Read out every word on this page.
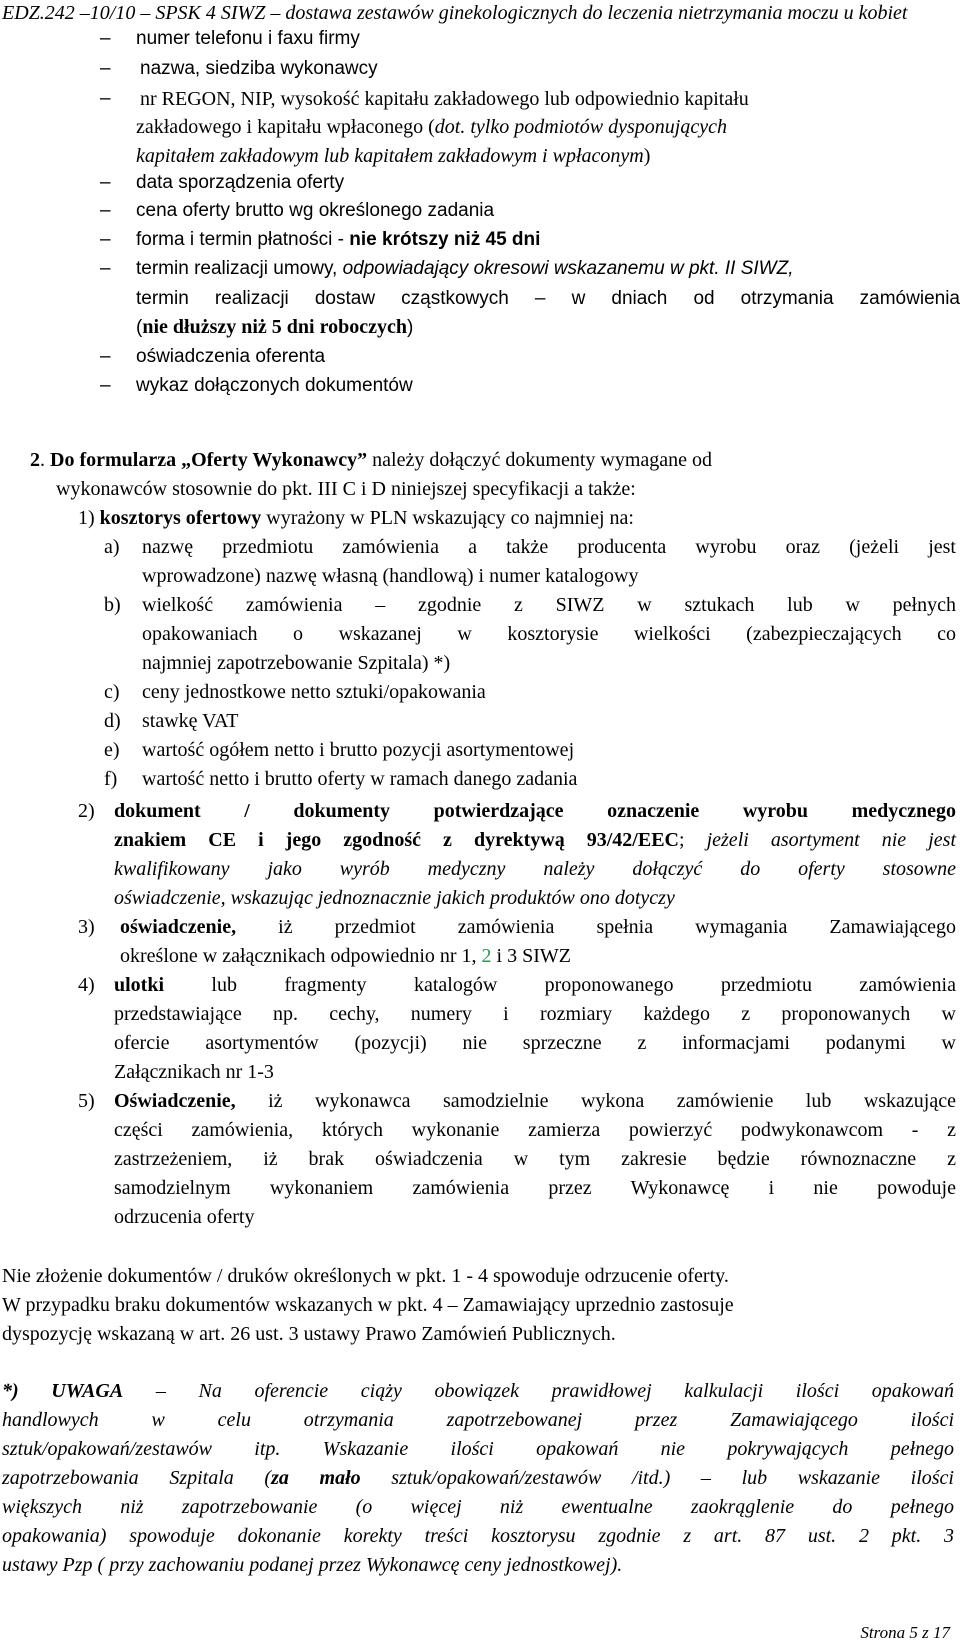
EDZ.242 –10/10 – SPSK 4 SIWZ – dostawa zestawów ginekologicznych do leczenia nietrzymania moczu u kobiet
–	numer telefonu i faxu firmy
–	nazwa, siedziba wykonawcy
–	nr REGON, NIP, wysokość kapitału zakładowego lub odpowiednio kapitału
zakładowego i kapitału wpłaconego (dot. tylko podmiotów dysponujących
kapitałem zakładowym lub kapitałem zakładowym i wpłaconym)
–	data sporządzenia oferty
–	cena oferty brutto wg określonego zadania
–	forma i termin płatności - nie krótszy niż 45 dni
–	termin realizacji umowy, odpowiadający okresowi wskazanemu w pkt. II SIWZ,
termin realizacji dostaw cząstkowych – w dniach od otrzymania zamówienia
(nie dłuższy niż 5 dni roboczych)
–	oświadczenia oferenta
–	wykaz dołączonych dokumentów
2. Do formularza „Oferty Wykonawcy” należy dołączyć dokumenty wymagane od
wykonawców stosownie do pkt. III C i D niniejszej specyfikacji a także:
1) kosztorys ofertowy wyrażony w PLN wskazujący co najmniej na:
a) nazwę przedmiotu zamówienia a także producenta wyrobu oraz (jeżeli jest
wprowadzone) nazwę własną (handlową) i numer katalogowy
b) wielkość zamówienia – zgodnie z SIWZ w sztukach lub w pełnych
opakowaniach o wskazanej w kosztorysie wielkości (zabezpieczających co
najmniej zapotrzebowanie Szpitala) *)
c) ceny jednostkowe netto sztuki/opakowania
d) stawkę VAT
e) wartość ogółem netto i brutto pozycji asortymentowej
f) wartość netto i brutto oferty w ramach danego zadania
2) dokument / dokumenty potwierdzające oznaczenie wyrobu medycznego
znakiem CE i jego zgodność z dyrektywą 93/42/EEC; jeżeli asortyment nie jest
kwalifikowany jako wyrób medyczny należy dołączyć do oferty stosowne
oświadczenie, wskazując jednoznacznie jakich produktów ono dotyczy
3) oświadczenie, iż przedmiot zamówienia spełnia wymagania Zamawiającego
określone w załącznikach odpowiednio nr 1, 2 i 3 SIWZ
4) ulotki lub fragmenty katalogów proponowanego przedmiotu zamówienia
przedstawiające np. cechy, numery i rozmiary każdego z proponowanych w
ofercie asortymentów (pozycji) nie sprzeczne z informacjami podanymi w
Załącznikach nr 1-3
5) Oświadczenie, iż wykonawca samodzielnie wykona zamówienie lub wskazujące
części zamówienia, których wykonanie zamierza powierzyć podwykonawcom - z
zastrzeżeniem, iż brak oświadczenia w tym zakresie będzie równoznaczne z
samodzielnym wykonaniem zamówienia przez Wykonawcę i nie powoduje
odrzucenia oferty
Nie złożenie dokumentów / druków określonych w pkt. 1 - 4 spowoduje odrzucenie oferty.
W przypadku braku dokumentów wskazanych w pkt. 4 – Zamawiający uprzednio zastosuje
dyspozycję wskazaną w art. 26 ust. 3 ustawy Prawo Zamówień Publicznych.
*) UWAGA – Na oferencie ciąży obowiązek prawidłowej kalkulacji ilości opakowań
handlowych w celu otrzymania zapotrzebowanej przez Zamawiającego ilości
sztuk/opakowań/zestawów itp. Wskazanie ilości opakowań nie pokrywających pełnego
zapotrzebowania Szpitala (za mało sztuk/opakowań/zestawów /itd.) – lub wskazanie ilości
większych niż zapotrzebowanie (o więcej niż ewentualne zaokrąglenie do pełnego
opakowania) spowoduje dokonanie korekty treści kosztorysu zgodnie z art. 87 ust. 2 pkt. 3
ustawy Pzp ( przy zachowaniu podanej przez Wykonawcę ceny jednostkowej).
Strona 5 z 17
